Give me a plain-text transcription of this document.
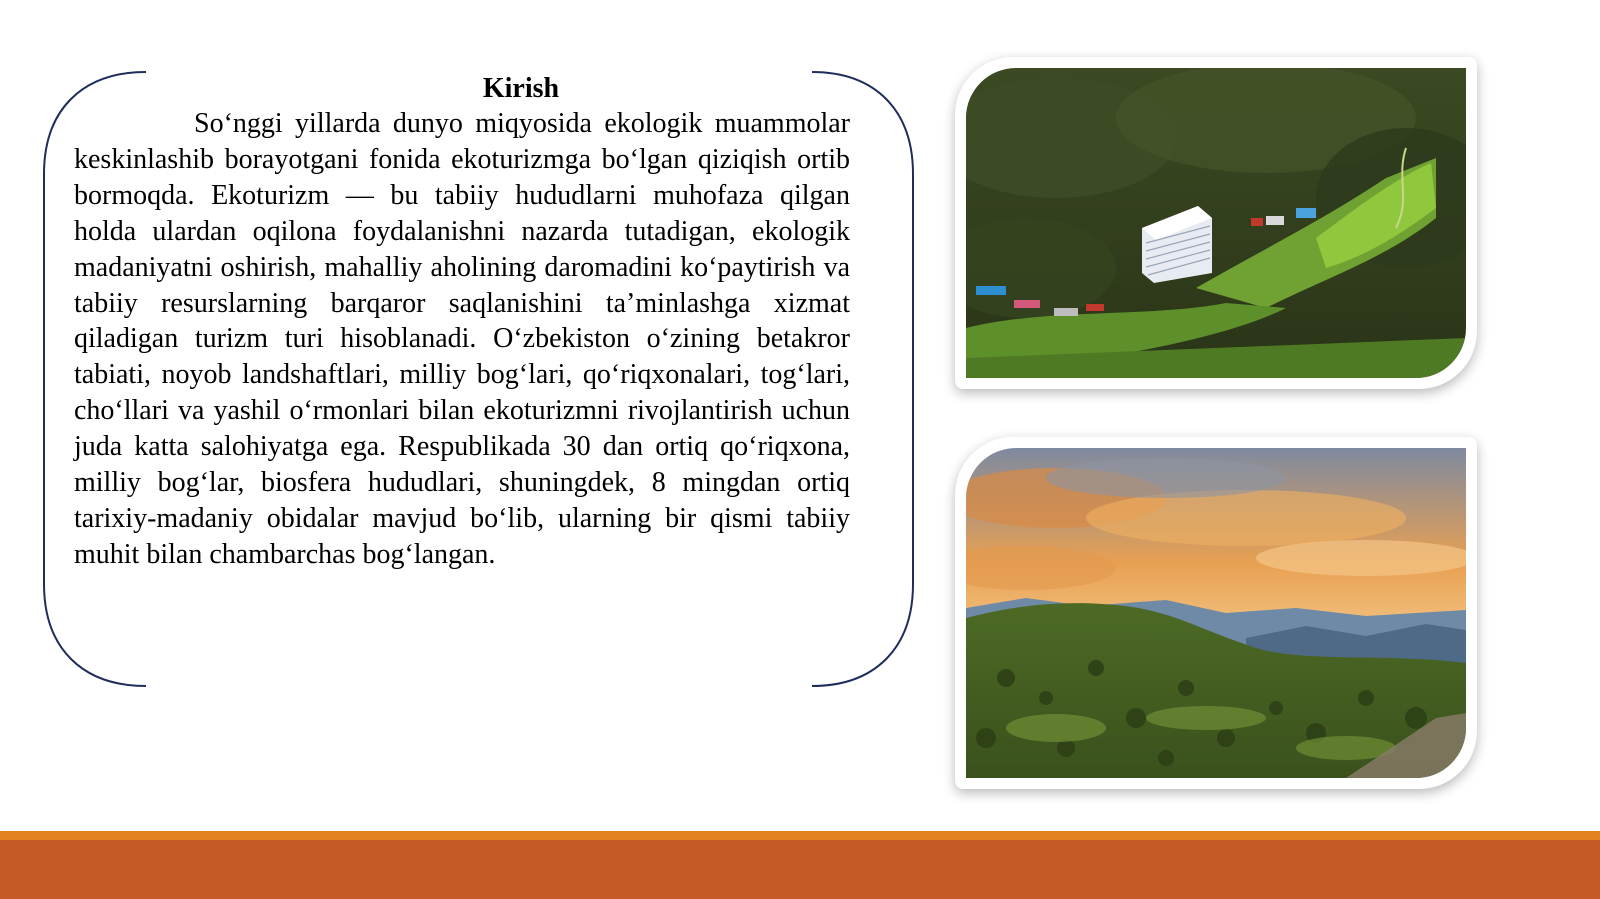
Kirish

So‘nggi yillarda dunyo miqyosida ekologik muammolar keskinlashib borayotgani fonida ekoturizmga bo‘lgan qiziqish ortib bormoqda. Ekoturizm — bu tabiiy hududlarni muhofaza qilgan holda ulardan oqilona foydalanishni nazarda tutadigan, ekologik madaniyatni oshirish, mahalliy aholining daromadini ko‘paytirish va tabiiy resurslarning barqaror saqlanishini ta’minlashga xizmat qiladigan turizm turi hisoblanadi. O‘zbekiston o‘zining betakror tabiati, noyob landshaftlari, milliy bog‘lari, qo‘riqxonalari, tog‘lari, cho‘llari va yashil o‘rmonlari bilan ekoturizmni rivojlantirish uchun juda katta salohiyatga ega. Respublikada 30 dan ortiq qo‘riqxona, milliy bog‘lar, biosfera hududlari, shuningdek, 8 mingdan ortiq tarixiy-madaniy obidalar mavjud bo‘lib, ularning bir qismi tabiiy muhit bilan chambarchas bog‘langan.
